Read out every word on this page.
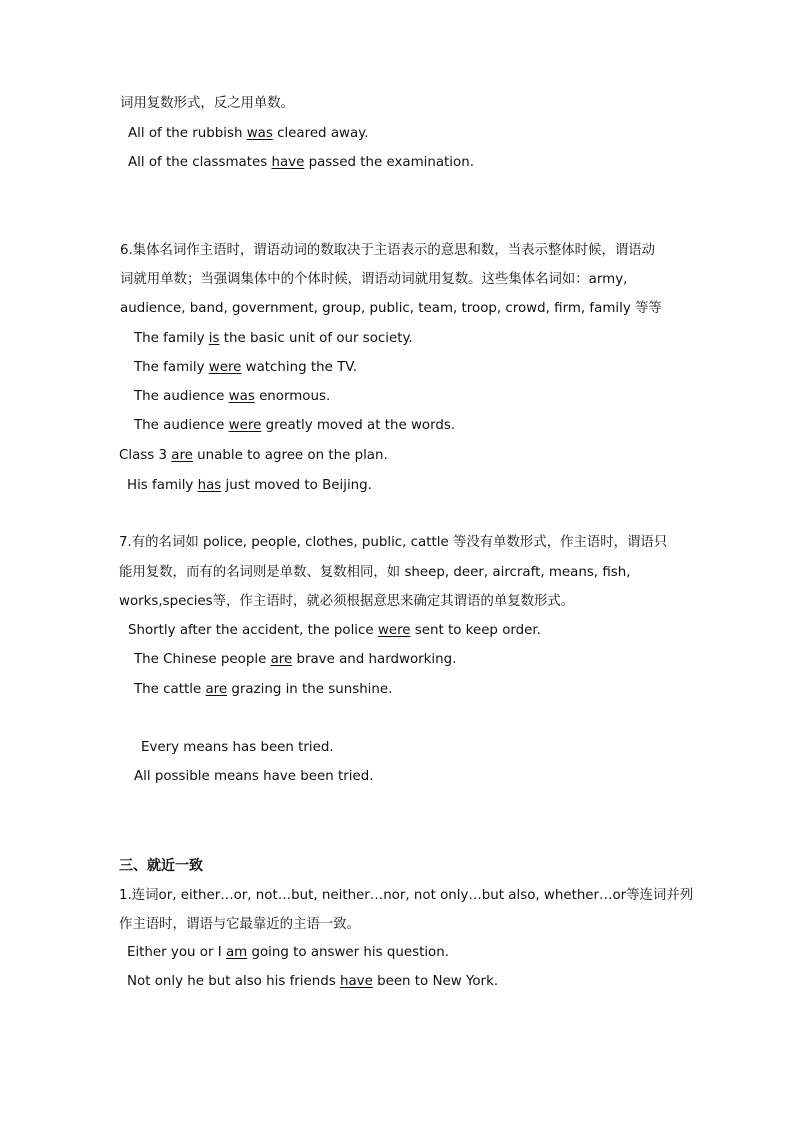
词用复数形式，反之用单数。
All of the rubbish was cleared away.
All of the classmates have passed the examination.
6.集体名词作主语时，谓语动词的数取决于主语表示的意思和数，当表示整体时候，谓语动
词就用单数；当强调集体中的个体时候，谓语动词就用复数。这些集体名词如：army,
audience, band, government, group, public, team, troop, crowd, firm, family 等等
The family is the basic unit of our society.
The family were watching the TV.
The audience was enormous.
The audience were greatly moved at the words.
Class 3 are unable to agree on the plan.
His family has just moved to Beijing.
7.有的名词如 police, people, clothes, public, cattle 等没有单数形式，作主语时，谓语只
能用复数，而有的名词则是单数、复数相同，如 sheep, deer, aircraft, means, fish,
works,species等，作主语时，就必须根据意思来确定其谓语的单复数形式。
Shortly after the accident, the police were sent to keep order.
The Chinese people are brave and hardworking.
The cattle are grazing in the sunshine.
Every means has been tried.
All possible means have been tried.
三、就近一致
1.连词or, either…or, not…but, neither…nor, not only…but also, whether…or等连词并列
作主语时，谓语与它最靠近的主语一致。
Either you or I am going to answer his question.
Not only he but also his friends have been to New York.
